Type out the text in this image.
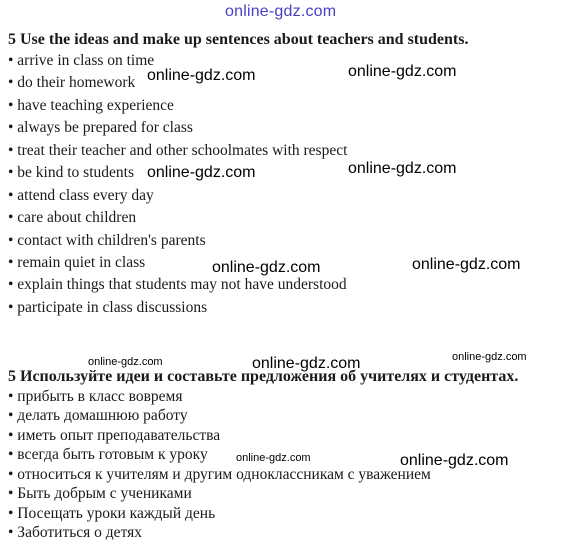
5 Use the ideas and make up sentences about teachers and students.
• arrive in class on time
• do their homework
• have teaching experience
• always be prepared for class
• treat their teacher and other schoolmates with respect
• be kind to students
• attend class every day
• care about children
• contact with children's parents
• remain quiet in class
• explain things that students may not have understood
• participate in class discussions
5 Используйте идеи и составьте предложения об учителях и студентах.
• прибыть в класс вовремя
• делать домашнюю работу
• иметь опыт преподавательства
• всегда быть готовым к уроку
• относиться к учителям и другим одноклассникам с уважением
• Быть добрым с учениками
• Посещать уроки каждый день
• Заботиться о детях
online-gdz.com
online-gdz.com	online-gdz.com
online-gdz.com	online-gdz.com
online-gdz.com	online-gdz.com
online-gdz.com	online-gdz.com	online-gdz.com
online-gdz.com	online-gdz.com
